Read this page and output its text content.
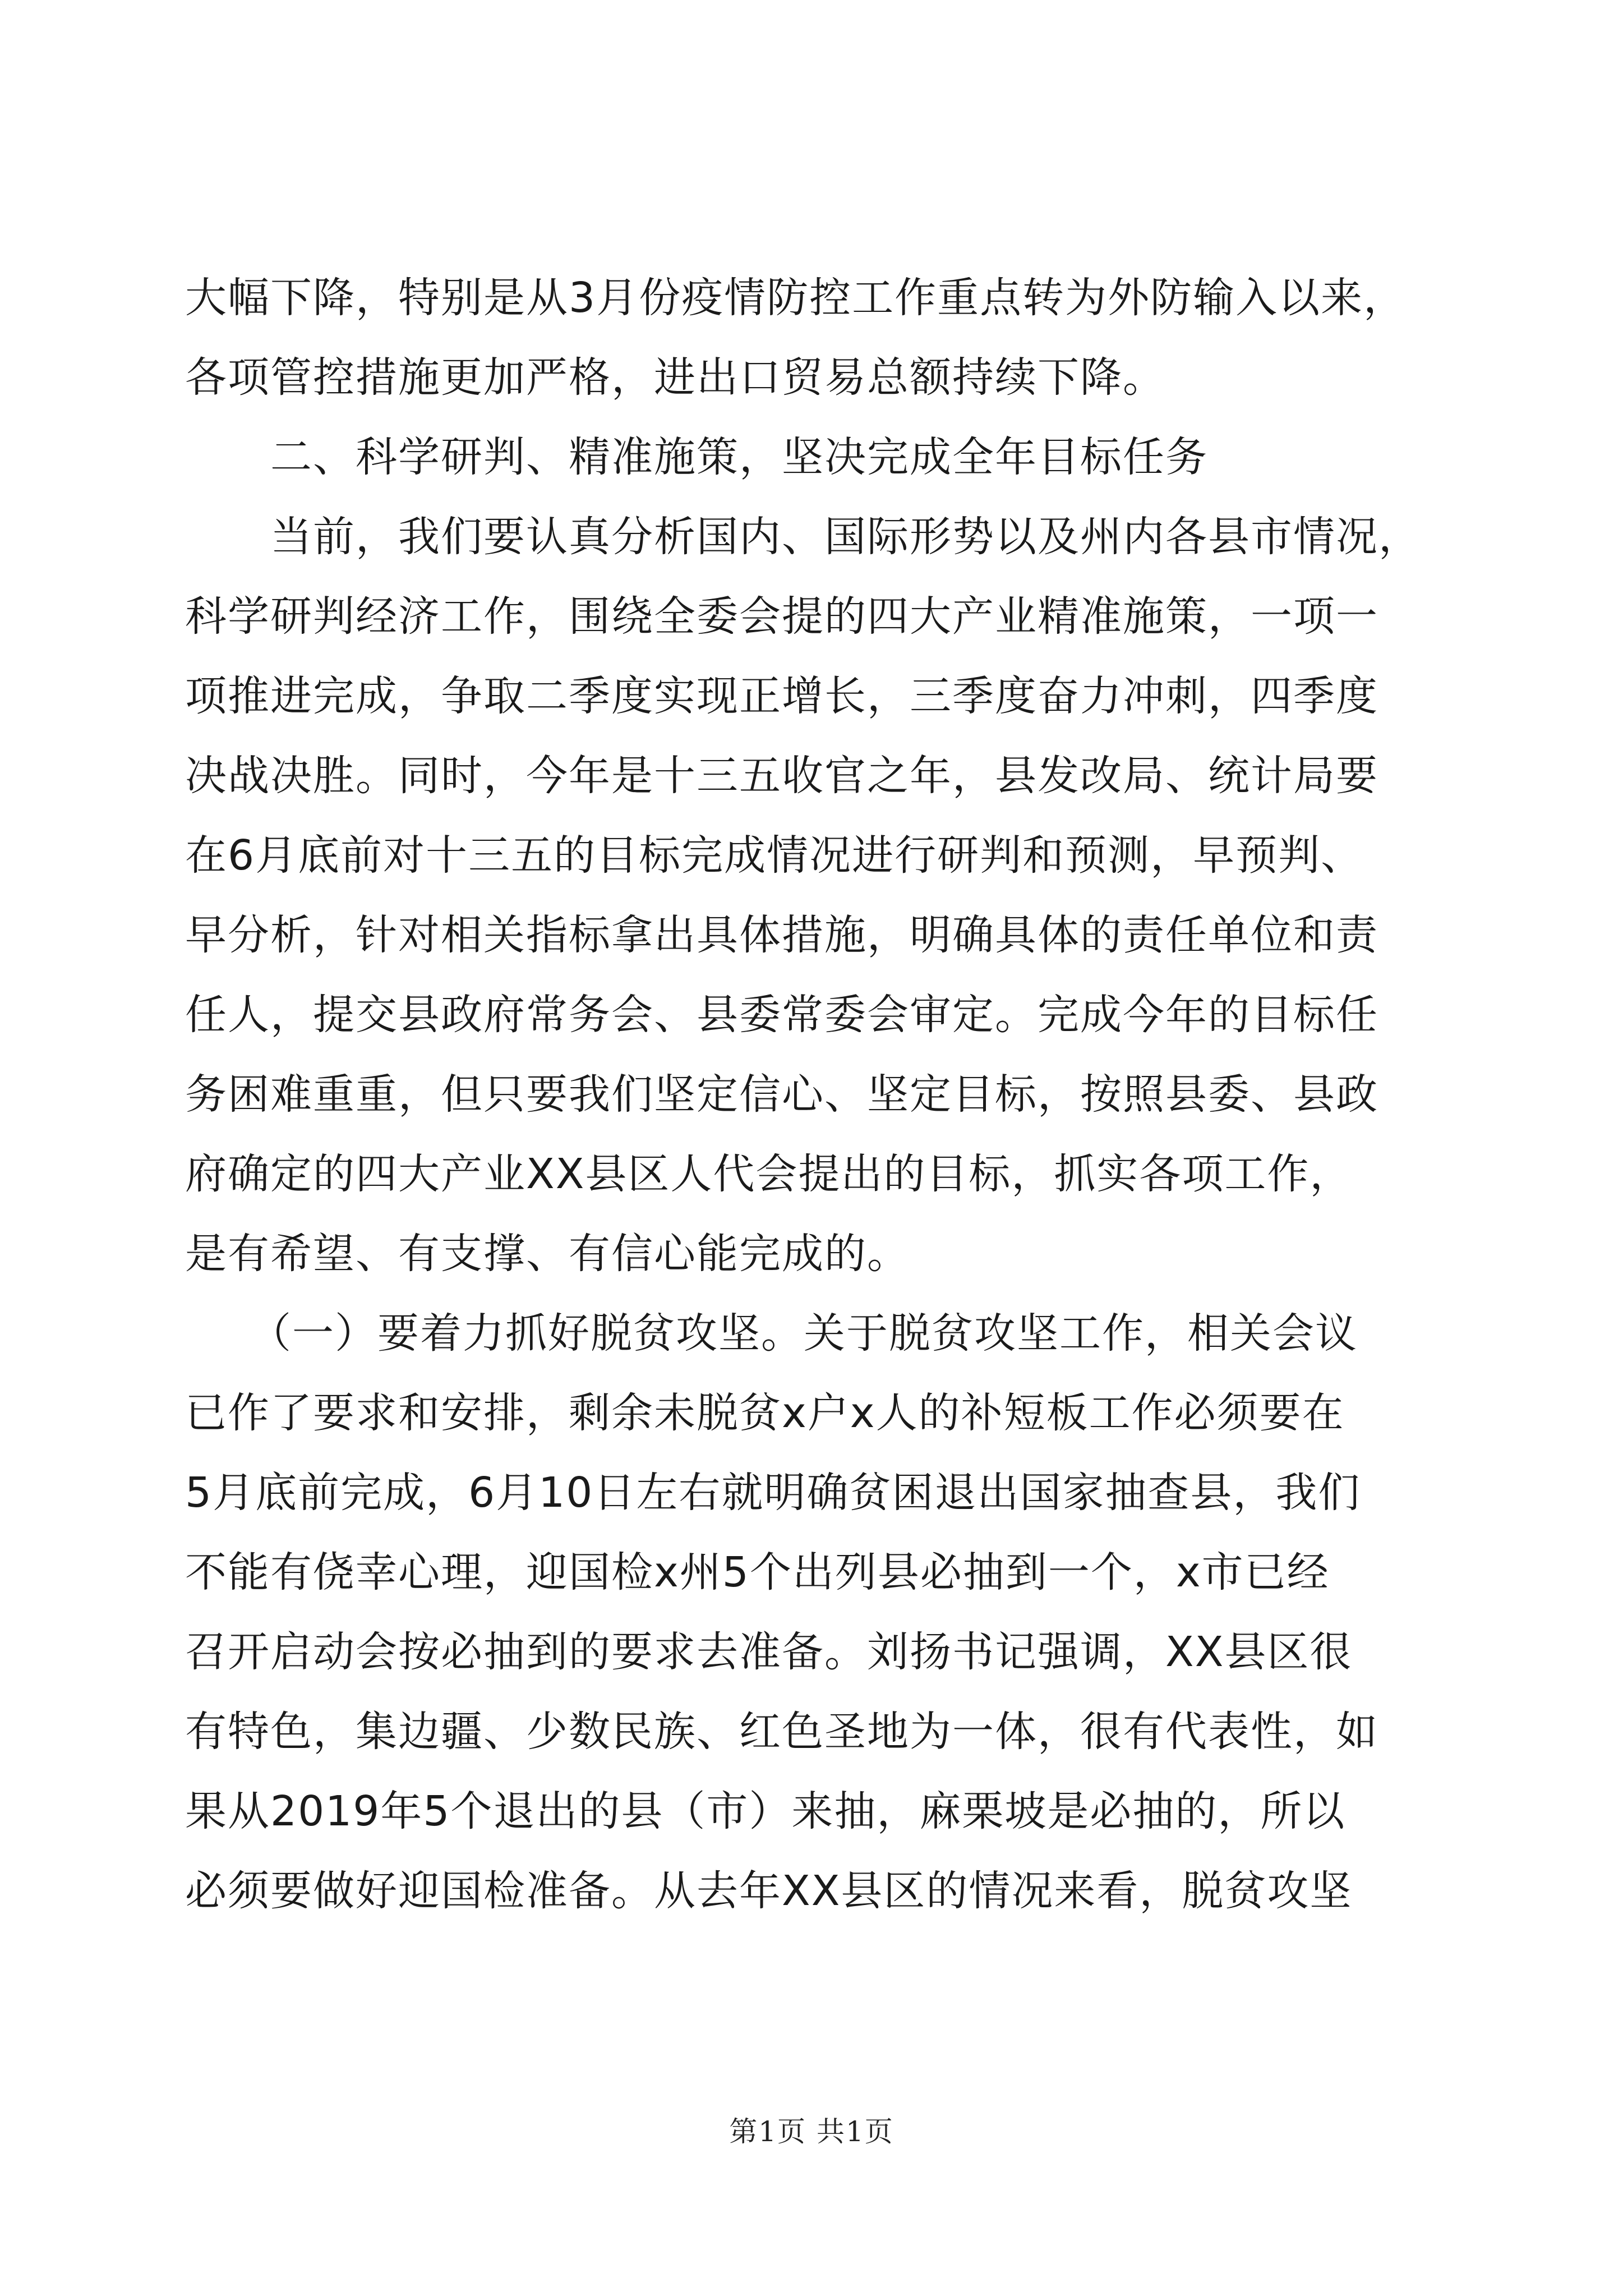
大幅下降，特别是从3月份疫情防控工作重点转为外防输入以来，
各项管控措施更加严格，进出口贸易总额持续下降。
　　二、科学研判、精准施策，坚决完成全年目标任务
　　当前，我们要认真分析国内、国际形势以及州内各县市情况，
科学研判经济工作，围绕全委会提的四大产业精准施策，一项一
项推进完成，争取二季度实现正增长，三季度奋力冲刺，四季度
决战决胜。同时，今年是十三五收官之年，县发改局、统计局要
在6月底前对十三五的目标完成情况进行研判和预测，早预判、
早分析，针对相关指标拿出具体措施，明确具体的责任单位和责
任人，提交县政府常务会、县委常委会审定。完成今年的目标任
务困难重重，但只要我们坚定信心、坚定目标，按照县委、县政
府确定的四大产业XX县区人代会提出的目标，抓实各项工作，
是有希望、有支撑、有信心能完成的。
　　（一）要着力抓好脱贫攻坚。关于脱贫攻坚工作，相关会议
已作了要求和安排，剩余未脱贫x户x人的补短板工作必须要在
5月底前完成，6月10日左右就明确贫困退出国家抽查县，我们
不能有侥幸心理，迎国检x州5个出列县必抽到一个，x市已经
召开启动会按必抽到的要求去准备。刘扬书记强调，XX县区很
有特色，集边疆、少数民族、红色圣地为一体，很有代表性，如
果从2019年5个退出的县（市）来抽，麻栗坡是必抽的，所以
必须要做好迎国检准备。从去年XX县区的情况来看，脱贫攻坚
第1页 共1页
